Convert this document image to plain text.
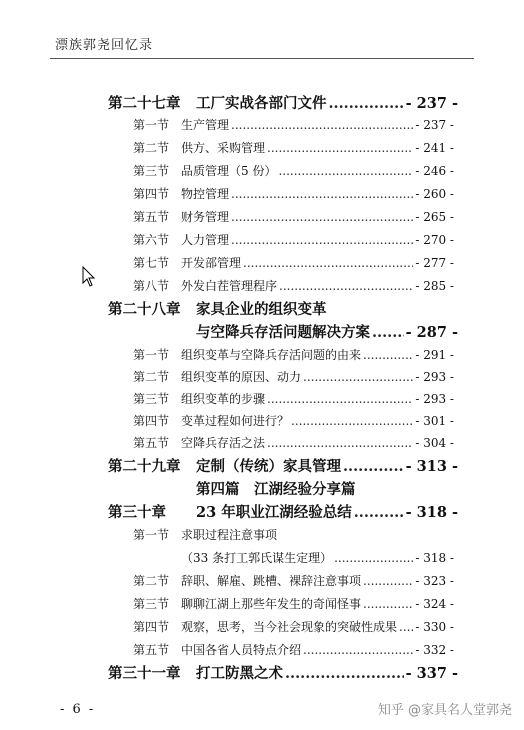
漂族郭尧回忆录
第二十七章	工厂实战各部门文件 .....	- 237 -
第一节 生产管理 .....	- 237 -
第二节 供方、采购管理 .....	- 241 -
第三节 品质管理（5 份） .....	- 246 -
第四节 物控管理 .....	- 260 -
第五节 财务管理 .....	- 265 -
第六节 人力管理 .....	- 270 -
第七节 开发部管理 .....	- 277 -
第八节 外发白茬管理程序 .....	- 285 -
第二十八章	家具企业的组织变革
与空降兵存活问题解决方案 ..... - 287 -
第一节 组织变革与空降兵存活问题的由来 .....	- 291 -
第二节 组织变革的原因、动力 .....	- 293 -
第三节 组织变革的步骤 .....	- 293 -
第四节 变革过程如何进行？ .....	- 301 -
第五节 空降兵存活之法 .....	- 304 -
第二十九章	定制（传统）家具管理 .....	- 313 -
第四篇　江湖经验分享篇
第三十章	23 年职业江湖经验总结 .....	- 318 -
第一节 求职过程注意事项
（33 条打工郭氏谋生定理） .....	- 318 -
第二节 辞职、解雇、跳槽、裸辞注意事项 .....	- 323 -
第三节 聊聊江湖上那些年发生的奇闻怪事 .....	- 324 -
第四节 观察，思考，当今社会现象的突破性成果 ..... - 330 -
第五节 中国各省人员特点介绍 .....	- 332 -
第三十一章	打工防黑之术 .....	- 337 -
- 6 -	知乎 @家具名人堂郭尧
